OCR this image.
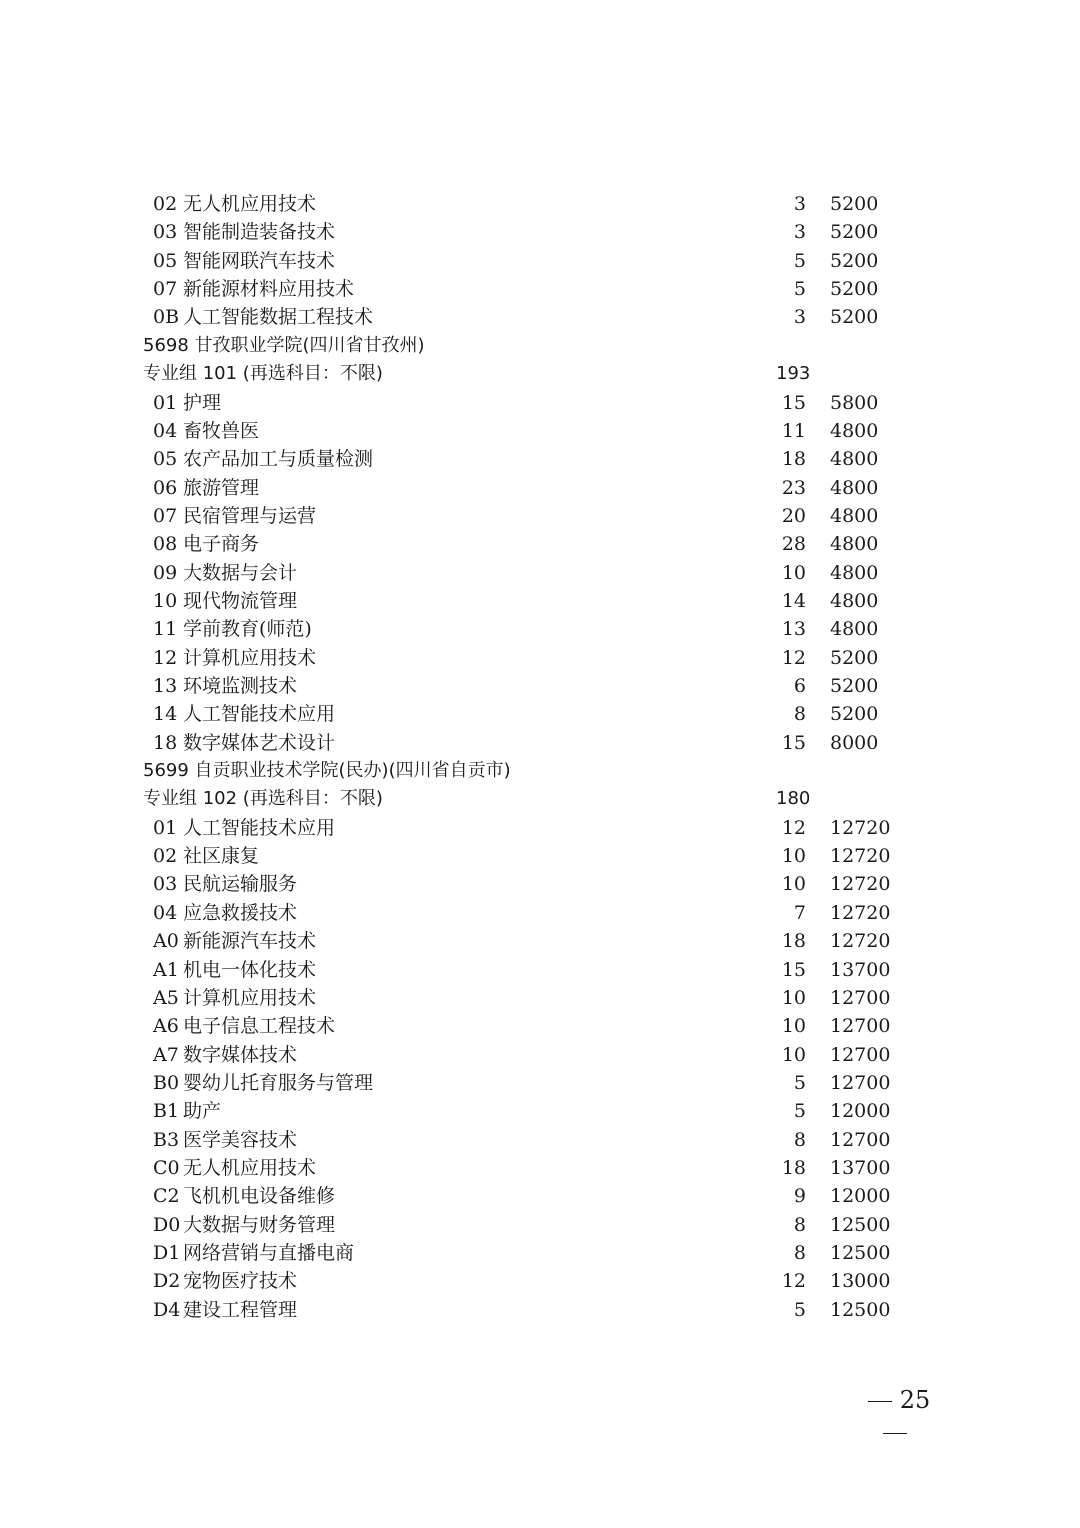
02 无人机应用技术	3 5200
03 智能制造装备技术	3 5200
05 智能网联汽车技术	5 5200
07 新能源材料应用技术	5 5200
0B 人工智能数据工程技术	3 5200
5698 甘孜职业学院(四川省甘孜州)
专业组 101 (再选科目：不限)	193
01 护理	15 5800
04 畜牧兽医	11 4800
05 农产品加工与质量检测	18 4800
06 旅游管理	23 4800
07 民宿管理与运营	20 4800
08 电子商务	28 4800
09 大数据与会计	10 4800
10 现代物流管理	14 4800
11 学前教育(师范)	13 4800
12 计算机应用技术	12 5200
13 环境监测技术	6 5200
14 人工智能技术应用	8 5200
18 数字媒体艺术设计	15 8000
5699 自贡职业技术学院(民办)(四川省自贡市)
专业组 102 (再选科目：不限)	180
01 人工智能技术应用	12 12720
02 社区康复	10 12720
03 民航运输服务	10 12720
04 应急救援技术	7 12720
A0 新能源汽车技术	18 12720
A1 机电一体化技术	15 13700
A5 计算机应用技术	10 12700
A6 电子信息工程技术	10 12700
A7 数字媒体技术	10 12700
B0 婴幼儿托育服务与管理	5 12700
B1 助产	5 12000
B3 医学美容技术	8 12700
C0 无人机应用技术	18 13700
C2 飞机机电设备维修	9 12000
D0 大数据与财务管理	8 12500
D1 网络营销与直播电商	8 12500
D2 宠物医疗技术	12 13000
D4 建设工程管理	5 12500
25
